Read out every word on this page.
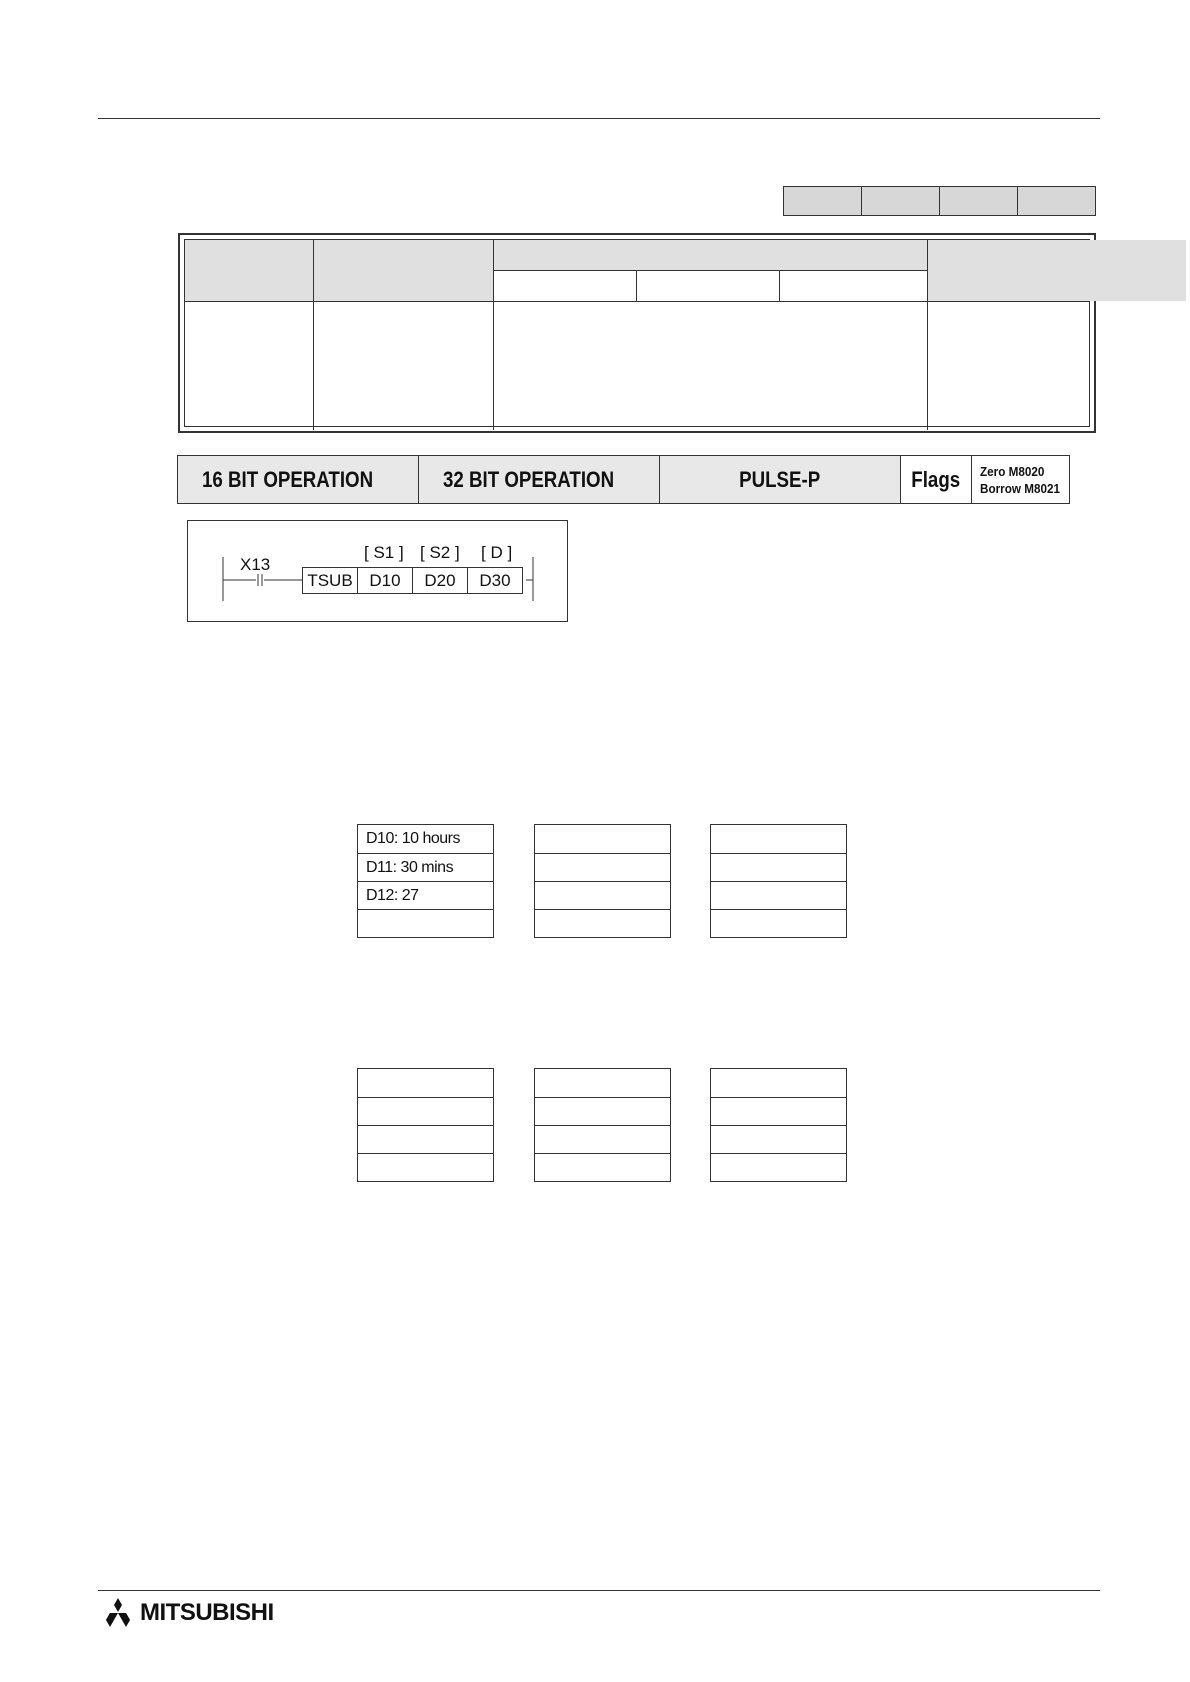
16 BIT OPERATION	32 BIT OPERATION	PULSE-P	Flags Zero M8020
Borrow M8021
X13
[ S1 ] [ S2 ] [ D ]
TSUB D10	D20	D30
D10: 10 hours
D11: 30 mins
D12: 27
MITSUBISHI
